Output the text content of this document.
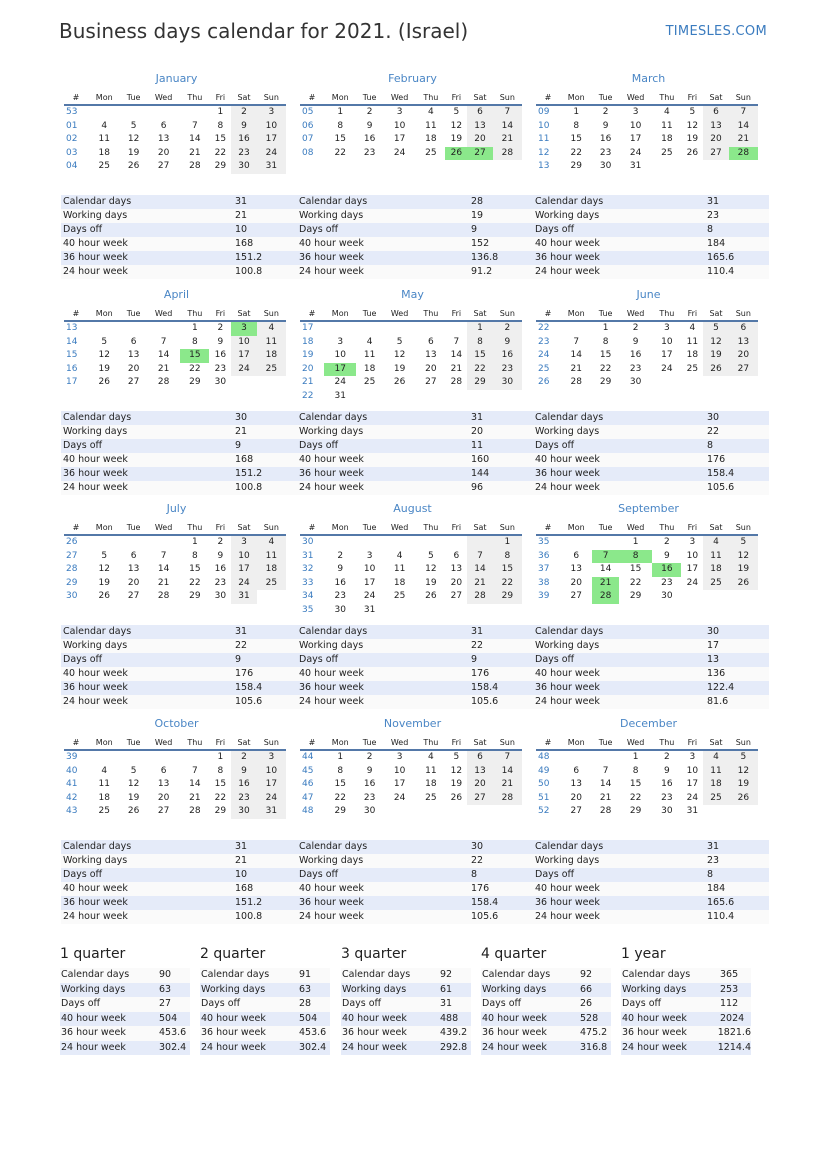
Business days calendar for 2021. (Israel)	TIMESLES.COM
January
#	Mon	Tue	Wed	Thu	Fri	Sat	Sun
53					1	2	3
01	4	5	6	7	8	9	10
02	11	12	13	14	15	16	17
03	18	19	20	21	22	23	24
04	25	26	27	28	29	30	31
Calendar days	31
Working days	21
Days off	10
40 hour week	168
36 hour week	151.2
24 hour week	100.8
February
#	Mon	Tue	Wed	Thu	Fri	Sat	Sun
05	1	2	3	4	5	6	7
06	8	9	10	11	12	13	14
07	15	16	17	18	19	20	21
08	22	23	24	25	26	27	28
Calendar days	28
Working days	19
Days off	9
40 hour week	152
36 hour week	136.8
24 hour week	91.2
March
#	Mon	Tue	Wed	Thu	Fri	Sat	Sun
09	1	2	3	4	5	6	7
10	8	9	10	11	12	13	14
11	15	16	17	18	19	20	21
12	22	23	24	25	26	27	28
13	29	30	31				
Calendar days	31
Working days	23
Days off	8
40 hour week	184
36 hour week	165.6
24 hour week	110.4
April
#	Mon	Tue	Wed	Thu	Fri	Sat	Sun
13				1	2	3	4
14	5	6	7	8	9	10	11
15	12	13	14	15	16	17	18
16	19	20	21	22	23	24	25
17	26	27	28	29	30		
Calendar days	30
Working days	21
Days off	9
40 hour week	168
36 hour week	151.2
24 hour week	100.8
May
#	Mon	Tue	Wed	Thu	Fri	Sat	Sun
17						1	2
18	3	4	5	6	7	8	9
19	10	11	12	13	14	15	16
20	17	18	19	20	21	22	23
21	24	25	26	27	28	29	30
22	31						
Calendar days	31
Working days	20
Days off	11
40 hour week	160
36 hour week	144
24 hour week	96
June
#	Mon	Tue	Wed	Thu	Fri	Sat	Sun
22		1	2	3	4	5	6
23	7	8	9	10	11	12	13
24	14	15	16	17	18	19	20
25	21	22	23	24	25	26	27
26	28	29	30				
Calendar days	30
Working days	22
Days off	8
40 hour week	176
36 hour week	158.4
24 hour week	105.6
July
#	Mon	Tue	Wed	Thu	Fri	Sat	Sun
26				1	2	3	4
27	5	6	7	8	9	10	11
28	12	13	14	15	16	17	18
29	19	20	21	22	23	24	25
30	26	27	28	29	30	31	
Calendar days	31
Working days	22
Days off	9
40 hour week	176
36 hour week	158.4
24 hour week	105.6
August
#	Mon	Tue	Wed	Thu	Fri	Sat	Sun
30							1
31	2	3	4	5	6	7	8
32	9	10	11	12	13	14	15
33	16	17	18	19	20	21	22
34	23	24	25	26	27	28	29
35	30	31					
Calendar days	31
Working days	22
Days off	9
40 hour week	176
36 hour week	158.4
24 hour week	105.6
September
#	Mon	Tue	Wed	Thu	Fri	Sat	Sun
35			1	2	3	4	5
36	6	7	8	9	10	11	12
37	13	14	15	16	17	18	19
38	20	21	22	23	24	25	26
39	27	28	29	30			
Calendar days	30
Working days	17
Days off	13
40 hour week	136
36 hour week	122.4
24 hour week	81.6
October
#	Mon	Tue	Wed	Thu	Fri	Sat	Sun
39					1	2	3
40	4	5	6	7	8	9	10
41	11	12	13	14	15	16	17
42	18	19	20	21	22	23	24
43	25	26	27	28	29	30	31
Calendar days	31
Working days	21
Days off	10
40 hour week	168
36 hour week	151.2
24 hour week	100.8
November
#	Mon	Tue	Wed	Thu	Fri	Sat	Sun
44	1	2	3	4	5	6	7
45	8	9	10	11	12	13	14
46	15	16	17	18	19	20	21
47	22	23	24	25	26	27	28
48	29	30					
Calendar days	30
Working days	22
Days off	8
40 hour week	176
36 hour week	158.4
24 hour week	105.6
December
#	Mon	Tue	Wed	Thu	Fri	Sat	Sun
48			1	2	3	4	5
49	6	7	8	9	10	11	12
50	13	14	15	16	17	18	19
51	20	21	22	23	24	25	26
52	27	28	29	30	31		
Calendar days	31
Working days	23
Days off	8
40 hour week	184
36 hour week	165.6
24 hour week	110.4
1 quarter
Calendar days	90
Working days	63
Days off	27
40 hour week	504
36 hour week	453.6
24 hour week	302.4
2 quarter
Calendar days	91
Working days	63
Days off	28
40 hour week	504
36 hour week	453.6
24 hour week	302.4
3 quarter
Calendar days	92
Working days	61
Days off	31
40 hour week	488
36 hour week	439.2
24 hour week	292.8
4 quarter
Calendar days	92
Working days	66
Days off	26
40 hour week	528
36 hour week	475.2
24 hour week	316.8
1 year
Calendar days	365
Working days	253
Days off	112
40 hour week	2024
36 hour week	1821.6
24 hour week	1214.4
